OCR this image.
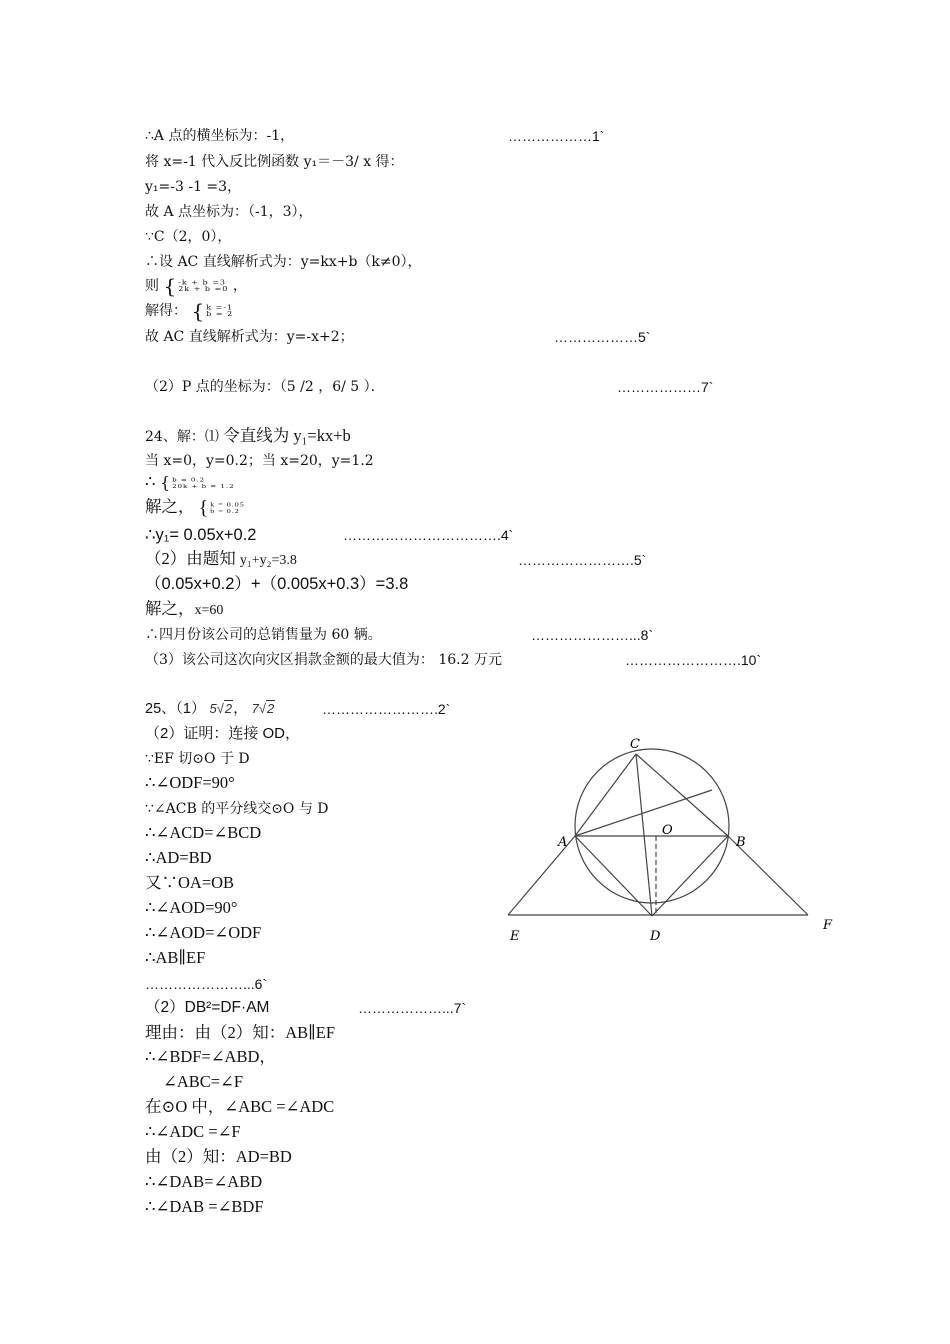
∴A 点的横坐标为：-1，	………………1`
将 x=-1 代入反比例函数 y₁＝－3/ x 得：
y₁=-3 -1 =3，
故 A 点坐标为：（-1，3），
∵C（2，0），
∴设 AC 直线解析式为：y=kx+b（k≠0），
则 { -k + b =3
2k + b =0 ，
解得： { k =-1
b = 2
故 AC 直线解析式为：y=-x+2；	………………5`
（2）P 点的坐标为：（5 /2 ，6/ 5 ）．	………………7`
24、解：⑴ 令直线为 y₁=kx+b
当 x=0，y=0.2；当 x=20，y=1.2
∴ { b = 0.2
20k + b = 1.2
解之， { k = 0.05
b = 0.2
∴y₁= 0.05x+0.2	…………………………….4`
（2）由题知 y₁+y₂=3.8	…………………….5`
（0.05x+0.2）+（0.005x+0.3）=3.8
解之，x=60
∴四月份该公司的总销售量为 60 辆。	…………………...8`
（3）该公司这次向灾区捐款金额的最大值为： 16.2 万元	…………………….10`
25、（1） 5√2， 7√2	…………………….2`
（2）证明：连接 OD，
∵EF 切⊙O 于 D
∴∠ODF=90°
∵∠ACB 的平分线交⊙O 与 D
∴∠ACD=∠BCD
∴AD=BD
又∵OA=OB
∴∠AOD=90°
∴∠AOD=∠ODF
∴AB∥EF
…………………...6`
（2）DB²=DF·AM	………………...7`
理由：由（2）知：AB∥EF
∴∠BDF=∠ABD，
∠ABC=∠F
在⊙O 中，∠ABC =∠ADC
∴∠ADC =∠F
由（2）知：AD=BD
∴∠DAB=∠ABD
∴∠DAB =∠BDF
C
O
A	B
E	D
F
